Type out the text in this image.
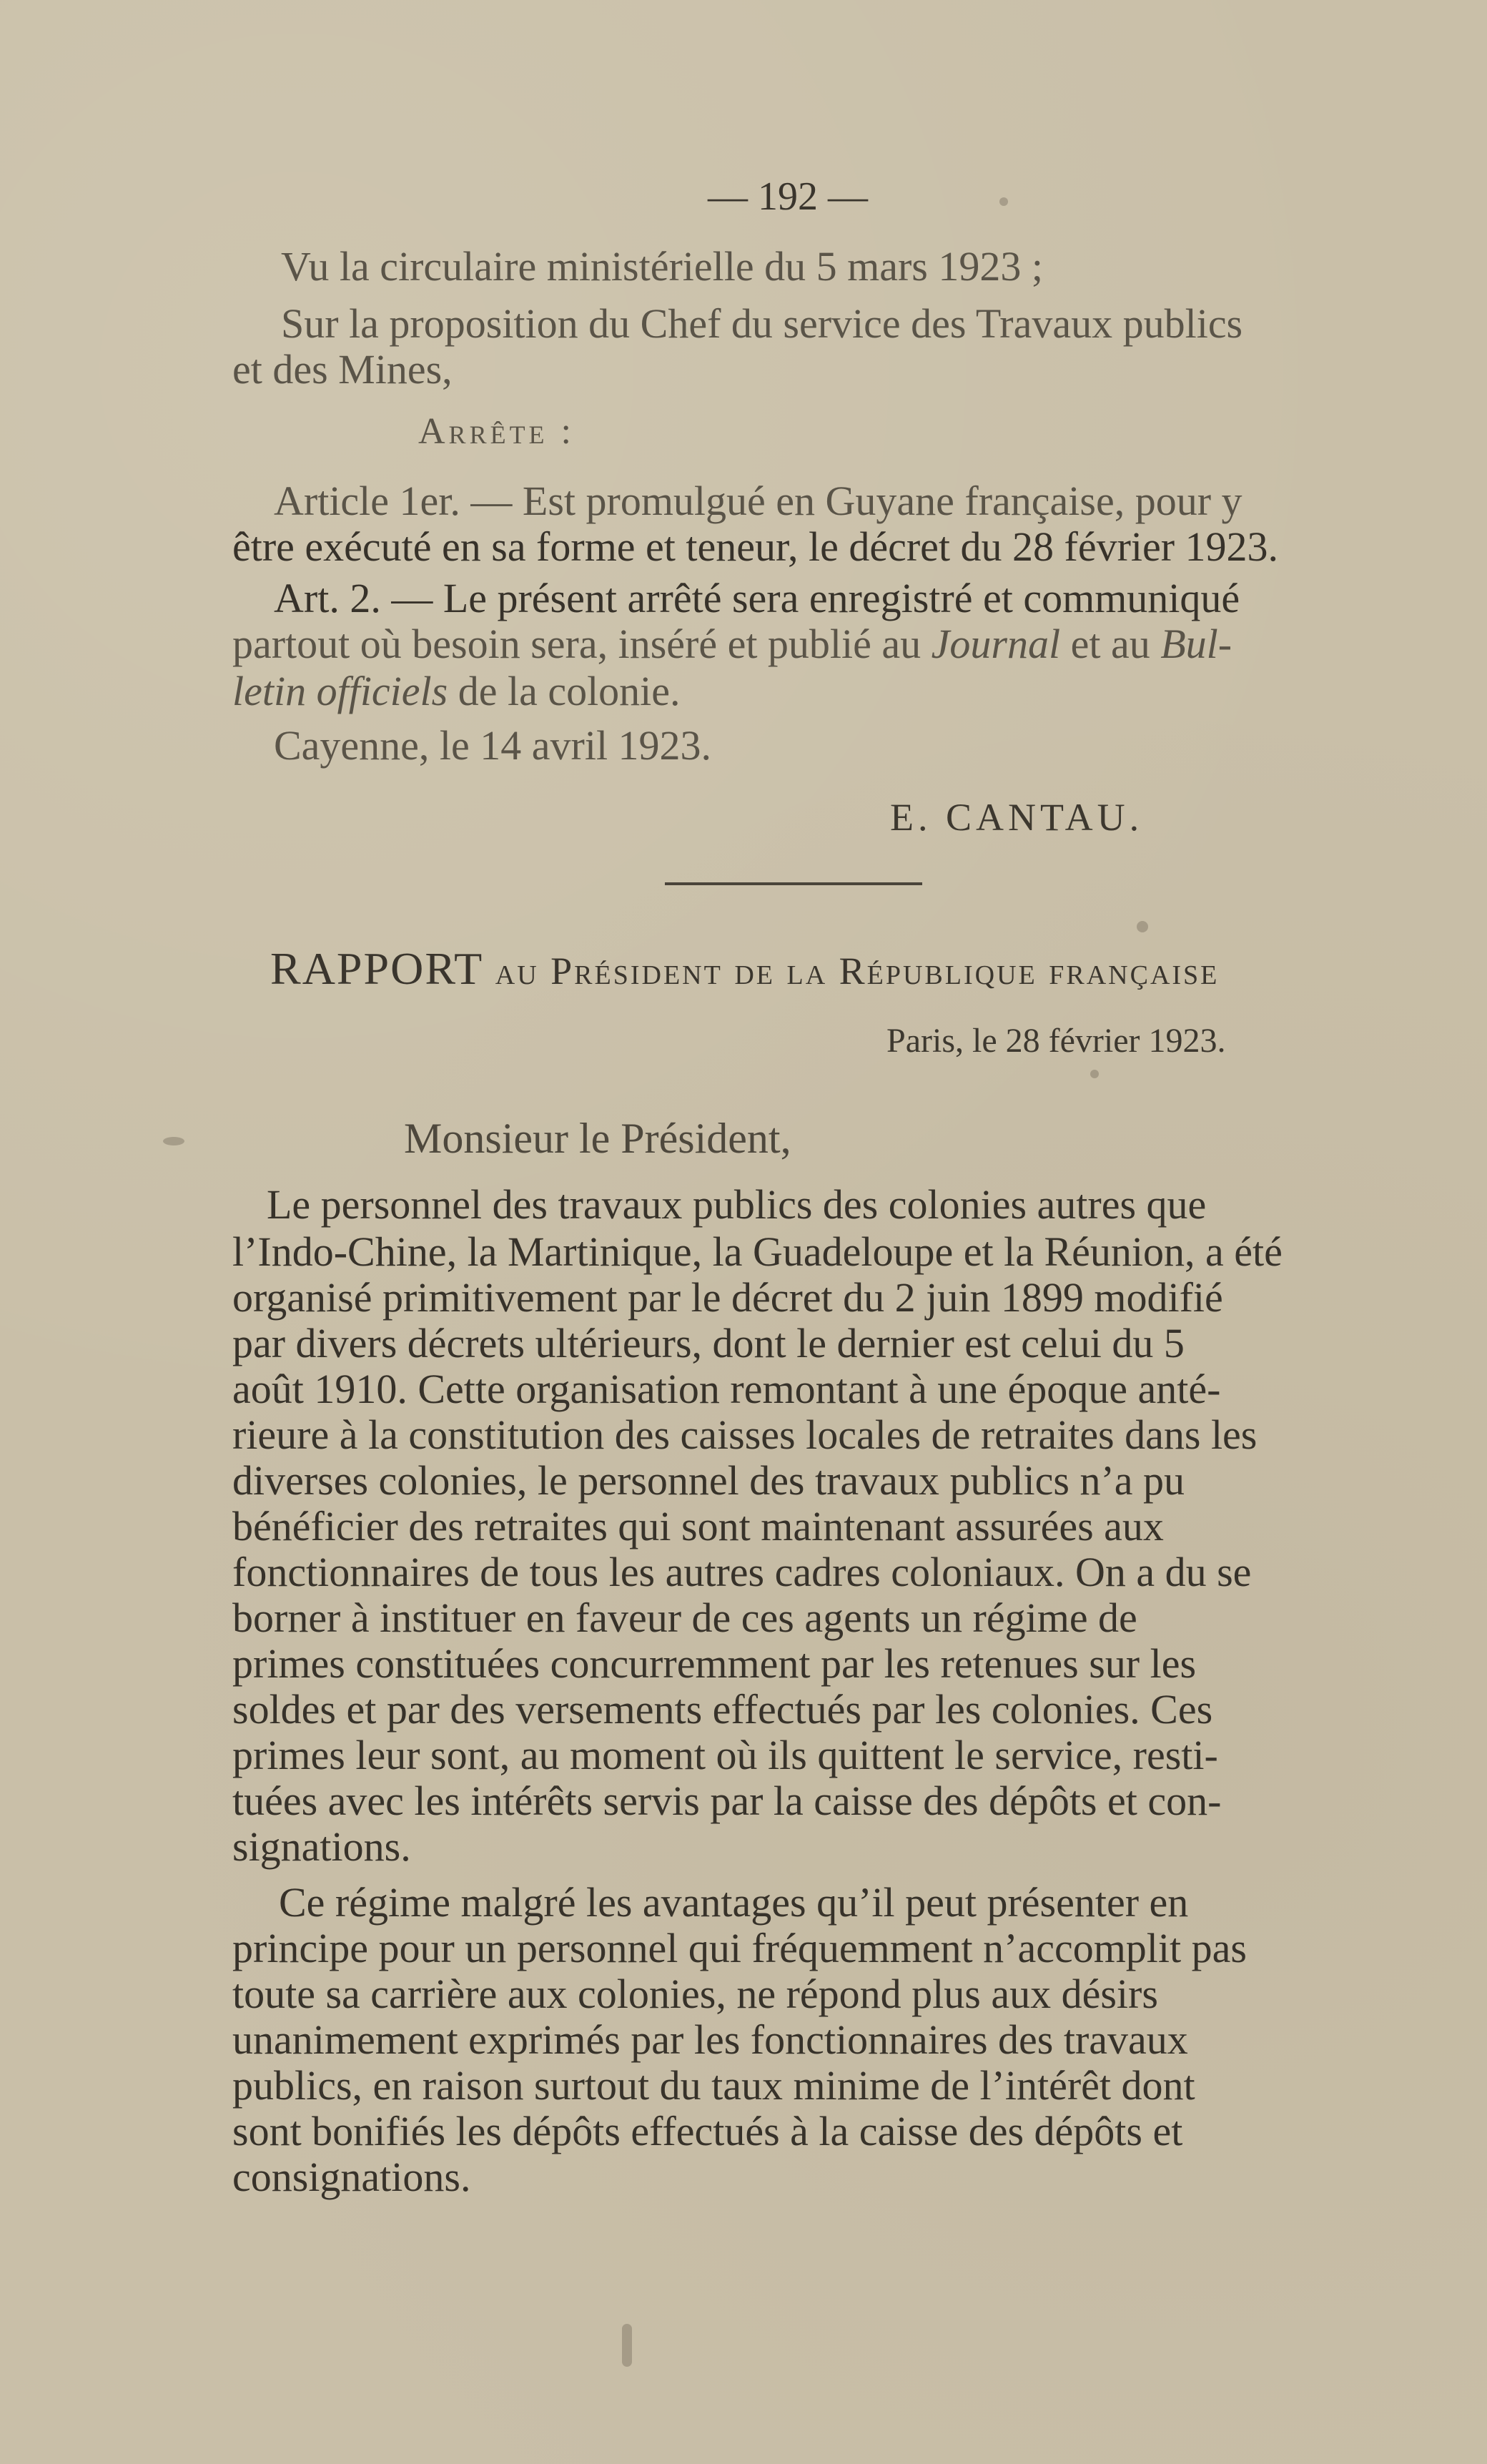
— 192 —
Vu la circulaire ministérielle du 5 mars 1923 ;
Sur la proposition du Chef du service des Travaux publics
et des Mines,
Arrête :
Article 1er. — Est promulgué en Guyane française, pour y
être exécuté en sa forme et teneur, le décret du 28 février 1923.
Art. 2. — Le présent arrêté sera enregistré et communiqué
partout où besoin sera, inséré et publié au Journal et au Bul-
letin officiels de la colonie.
Cayenne, le 14 avril 1923.
E. CANTAU.
RAPPORT au Président de la République française
Paris, le 28 février 1923.
Monsieur le Président,
Le personnel des travaux publics des colonies autres que
l’Indo-Chine, la Martinique, la Guadeloupe et la Réunion, a été
organisé primitivement par le décret du 2 juin 1899 modifié
par divers décrets ultérieurs, dont le dernier est celui du 5
août 1910. Cette organisation remontant à une époque anté-
rieure à la constitution des caisses locales de retraites dans les
diverses colonies, le personnel des travaux publics n’a pu
bénéficier des retraites qui sont maintenant assurées aux
fonctionnaires de tous les autres cadres coloniaux. On a du se
borner à instituer en faveur de ces agents un régime de
primes constituées concurremment par les retenues sur les
soldes et par des versements effectués par les colonies. Ces
primes leur sont, au moment où ils quittent le service, resti-
tuées avec les intérêts servis par la caisse des dépôts et con-
signations.
Ce régime malgré les avantages qu’il peut présenter en
principe pour un personnel qui fréquemment n’accomplit pas
toute sa carrière aux colonies, ne répond plus aux désirs
unanimement exprimés par les fonctionnaires des travaux
publics, en raison surtout du taux minime de l’intérêt dont
sont bonifiés les dépôts effectués à la caisse des dépôts et
consignations.
